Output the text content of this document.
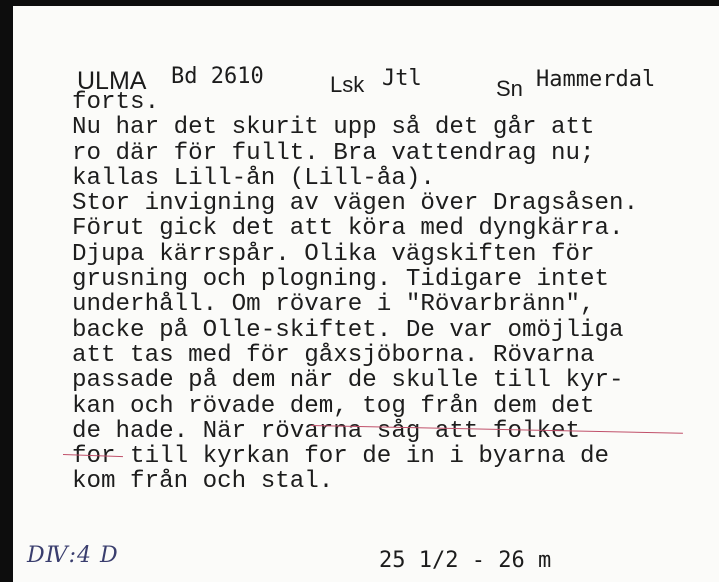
ULMA Bd 2610	Lsk Jtl	Sn Hammerdal
forts.
Nu har det skurit upp så det går att
ro där för fullt. Bra vattendrag nu;
kallas Lill-ån (Lill-åa).
Stor invigning av vägen över Dragsåsen.
Förut gick det att köra med dyngkärra.
Djupa kärrspår. Olika vägskiften för
grusning och plogning. Tidigare intet
underhåll. Om rövare i "Rövarbränn",
backe på Olle-skiftet. De var omöjliga
att tas med för gåxsjöborna. Rövarna
passade på dem när de skulle till kyr-
kan och rövade dem, tog från dem det
de hade. När rövarna såg att folket
for till kyrkan for de in i byarna de
kom från och stal.
DⅣ:4 D	25 1/2 - 26 m
